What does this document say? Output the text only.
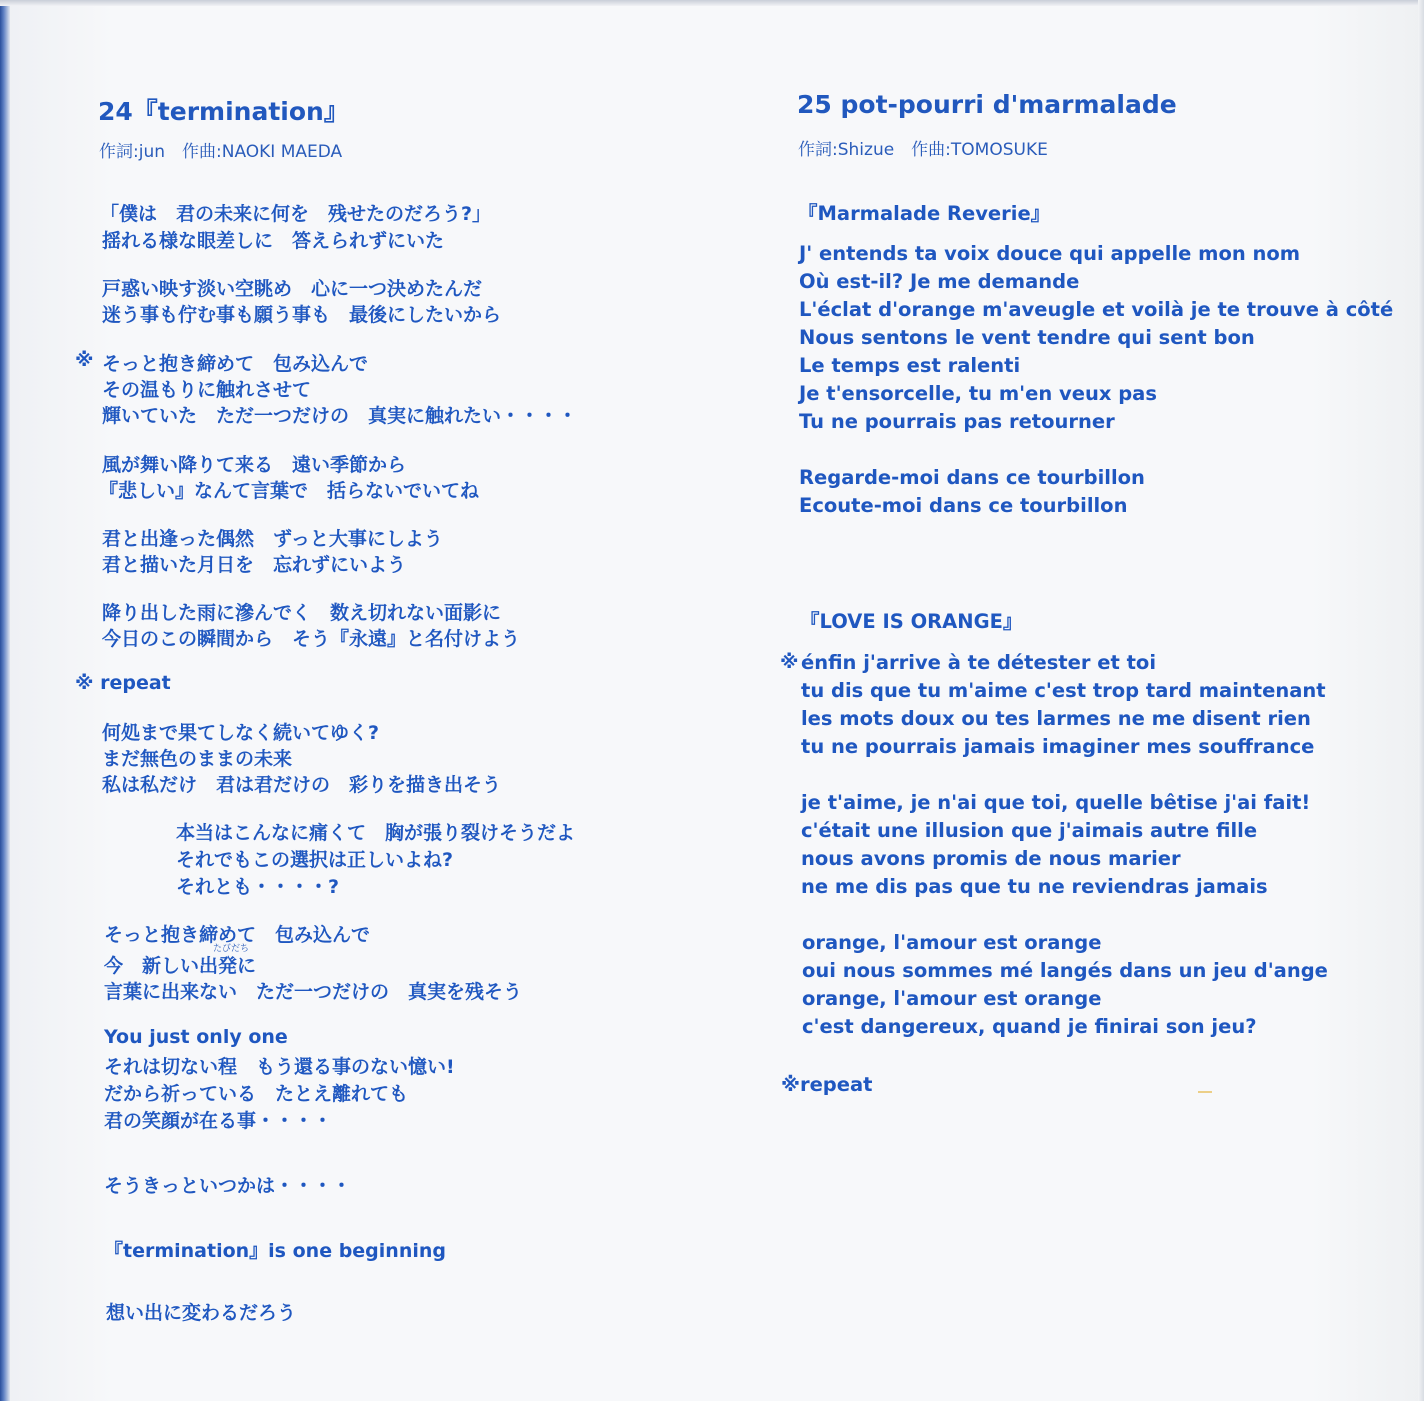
24『termination』
作詞:jun　作曲:NAOKI MAEDA
「僕は　君の未来に何を　残せたのだろう?」
揺れる様な眼差しに　答えられずにいた
戸惑い映す淡い空眺め　心に一つ決めたんだ
迷う事も佇む事も願う事も　最後にしたいから
※ そっと抱き締めて　包み込んで
その温もりに触れさせて
輝いていた　ただ一つだけの　真実に触れたい・・・・
風が舞い降りて来る　遠い季節から
『悲しい』なんて言葉で　括らないでいてね
君と出逢った偶然　ずっと大事にしよう
君と描いた月日を　忘れずにいよう
降り出した雨に滲んでく　数え切れない面影に
今日のこの瞬間から　そう『永遠』と名付けよう
※ repeat
何処まで果てしなく続いてゆく?
まだ無色のままの未来
私は私だけ　君は君だけの　彩りを描き出そう
本当はこんなに痛くて　胸が張り裂けそうだよ
それでもこの選択は正しいよね?
それとも・・・・?
そっと抱き締めて　包み込んで
たびだち
今　新しい出発に
言葉に出来ない　ただ一つだけの　真実を残そう
You just only one
それは切ない程　もう還る事のない憶い!
だから祈っている　たとえ離れても
君の笑顔が在る事・・・・
そうきっといつかは・・・・
『termination』is one beginning
想い出に変わるだろう
25 pot-pourri d'marmalade
作詞:Shizue　作曲:TOMOSUKE
『Marmalade Reverie』
J' entends ta voix douce qui appelle mon nom
Où est-il? Je me demande
L'éclat d'orange m'aveugle et voilà je te trouve à côté
Nous sentons le vent tendre qui sent bon
Le temps est ralenti
Je t'ensorcelle, tu m'en veux pas
Tu ne pourrais pas retourner
Regarde-moi dans ce tourbillon
Ecoute-moi dans ce tourbillon
『LOVE IS ORANGE』
※ énfin j'arrive à te détester et toi
tu dis que tu m'aime c'est trop tard maintenant
les mots doux ou tes larmes ne me disent rien
tu ne pourrais jamais imaginer mes souffrance
je t'aime, je n'ai que toi, quelle bêtise j'ai fait!
c'était une illusion que j'aimais autre fille
nous avons promis de nous marier
ne me dis pas que tu ne reviendras jamais
orange, l'amour est orange
oui nous sommes mé langés dans un jeu d'ange
orange, l'amour est orange
c'est dangereux, quand je finirai son jeu?
※repeat
